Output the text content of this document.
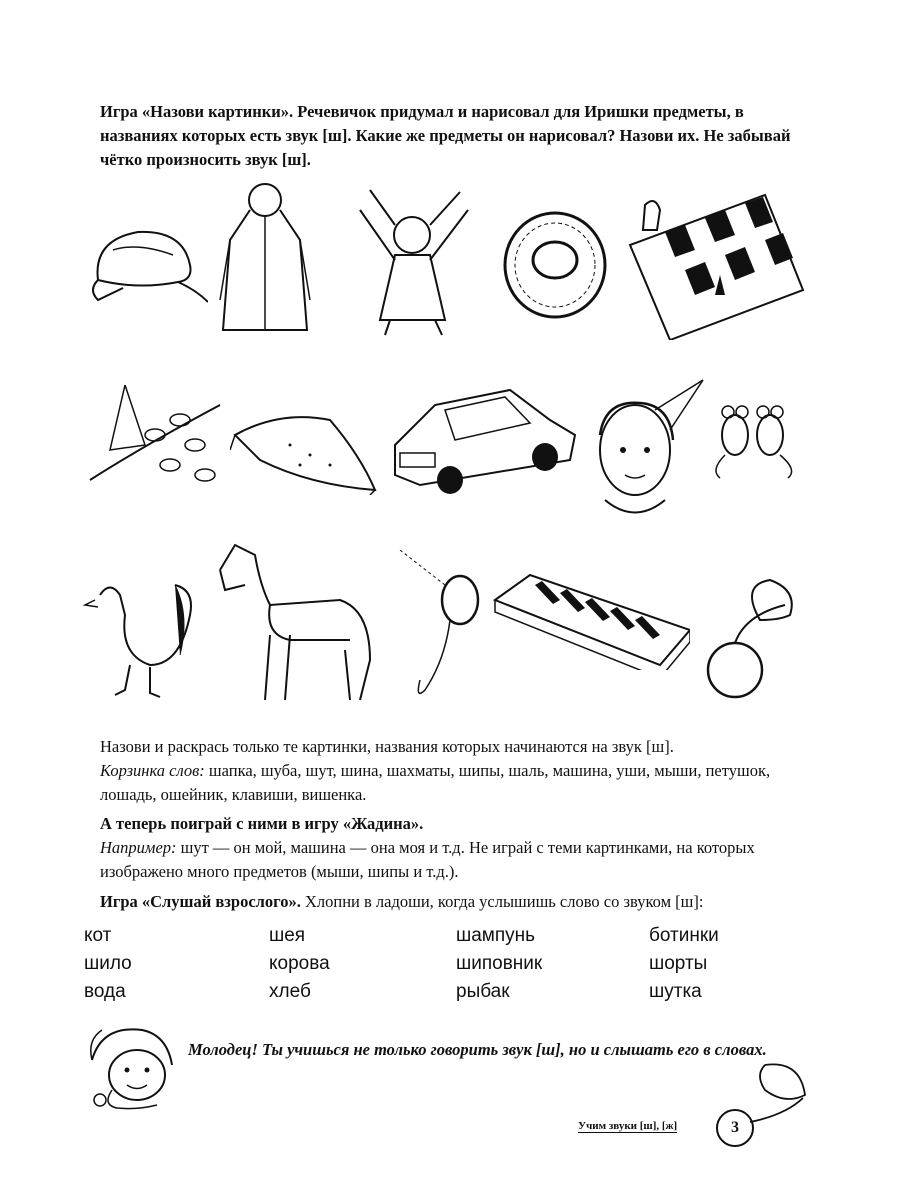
Игра «Назови картинки». Речевичок придумал и нарисовал для Иришки предметы, в названиях которых есть звук [ш]. Какие же предметы он нарисовал? Назови их. Не забывай чётко произносить звук [ш].
Назови и раскрась только те картинки, названия которых начинаются на звук [ш].
Корзинка слов: шапка, шуба, шут, шина, шахматы, шипы, шаль, машина, уши, мыши, петушок, лошадь, ошейник, клавиши, вишенка.
А теперь поиграй с ними в игру «Жадина».
Например: шут — он мой, машина — она моя и т.д. Не играй с теми картинками, на которых изображено много предметов (мыши, шипы и т.д.).
Игра «Слушай взрослого». Хлопни в ладоши, когда услышишь слово со звуком [ш]:
кот	шея	шампунь	ботинки
шило	корова	шиповник	шорты
вода	хлеб	рыбак	шутка
Молодец! Ты учишься не только говорить звук [ш], но и слышать его в словах.
Учим звуки [ш], [ж]	3
